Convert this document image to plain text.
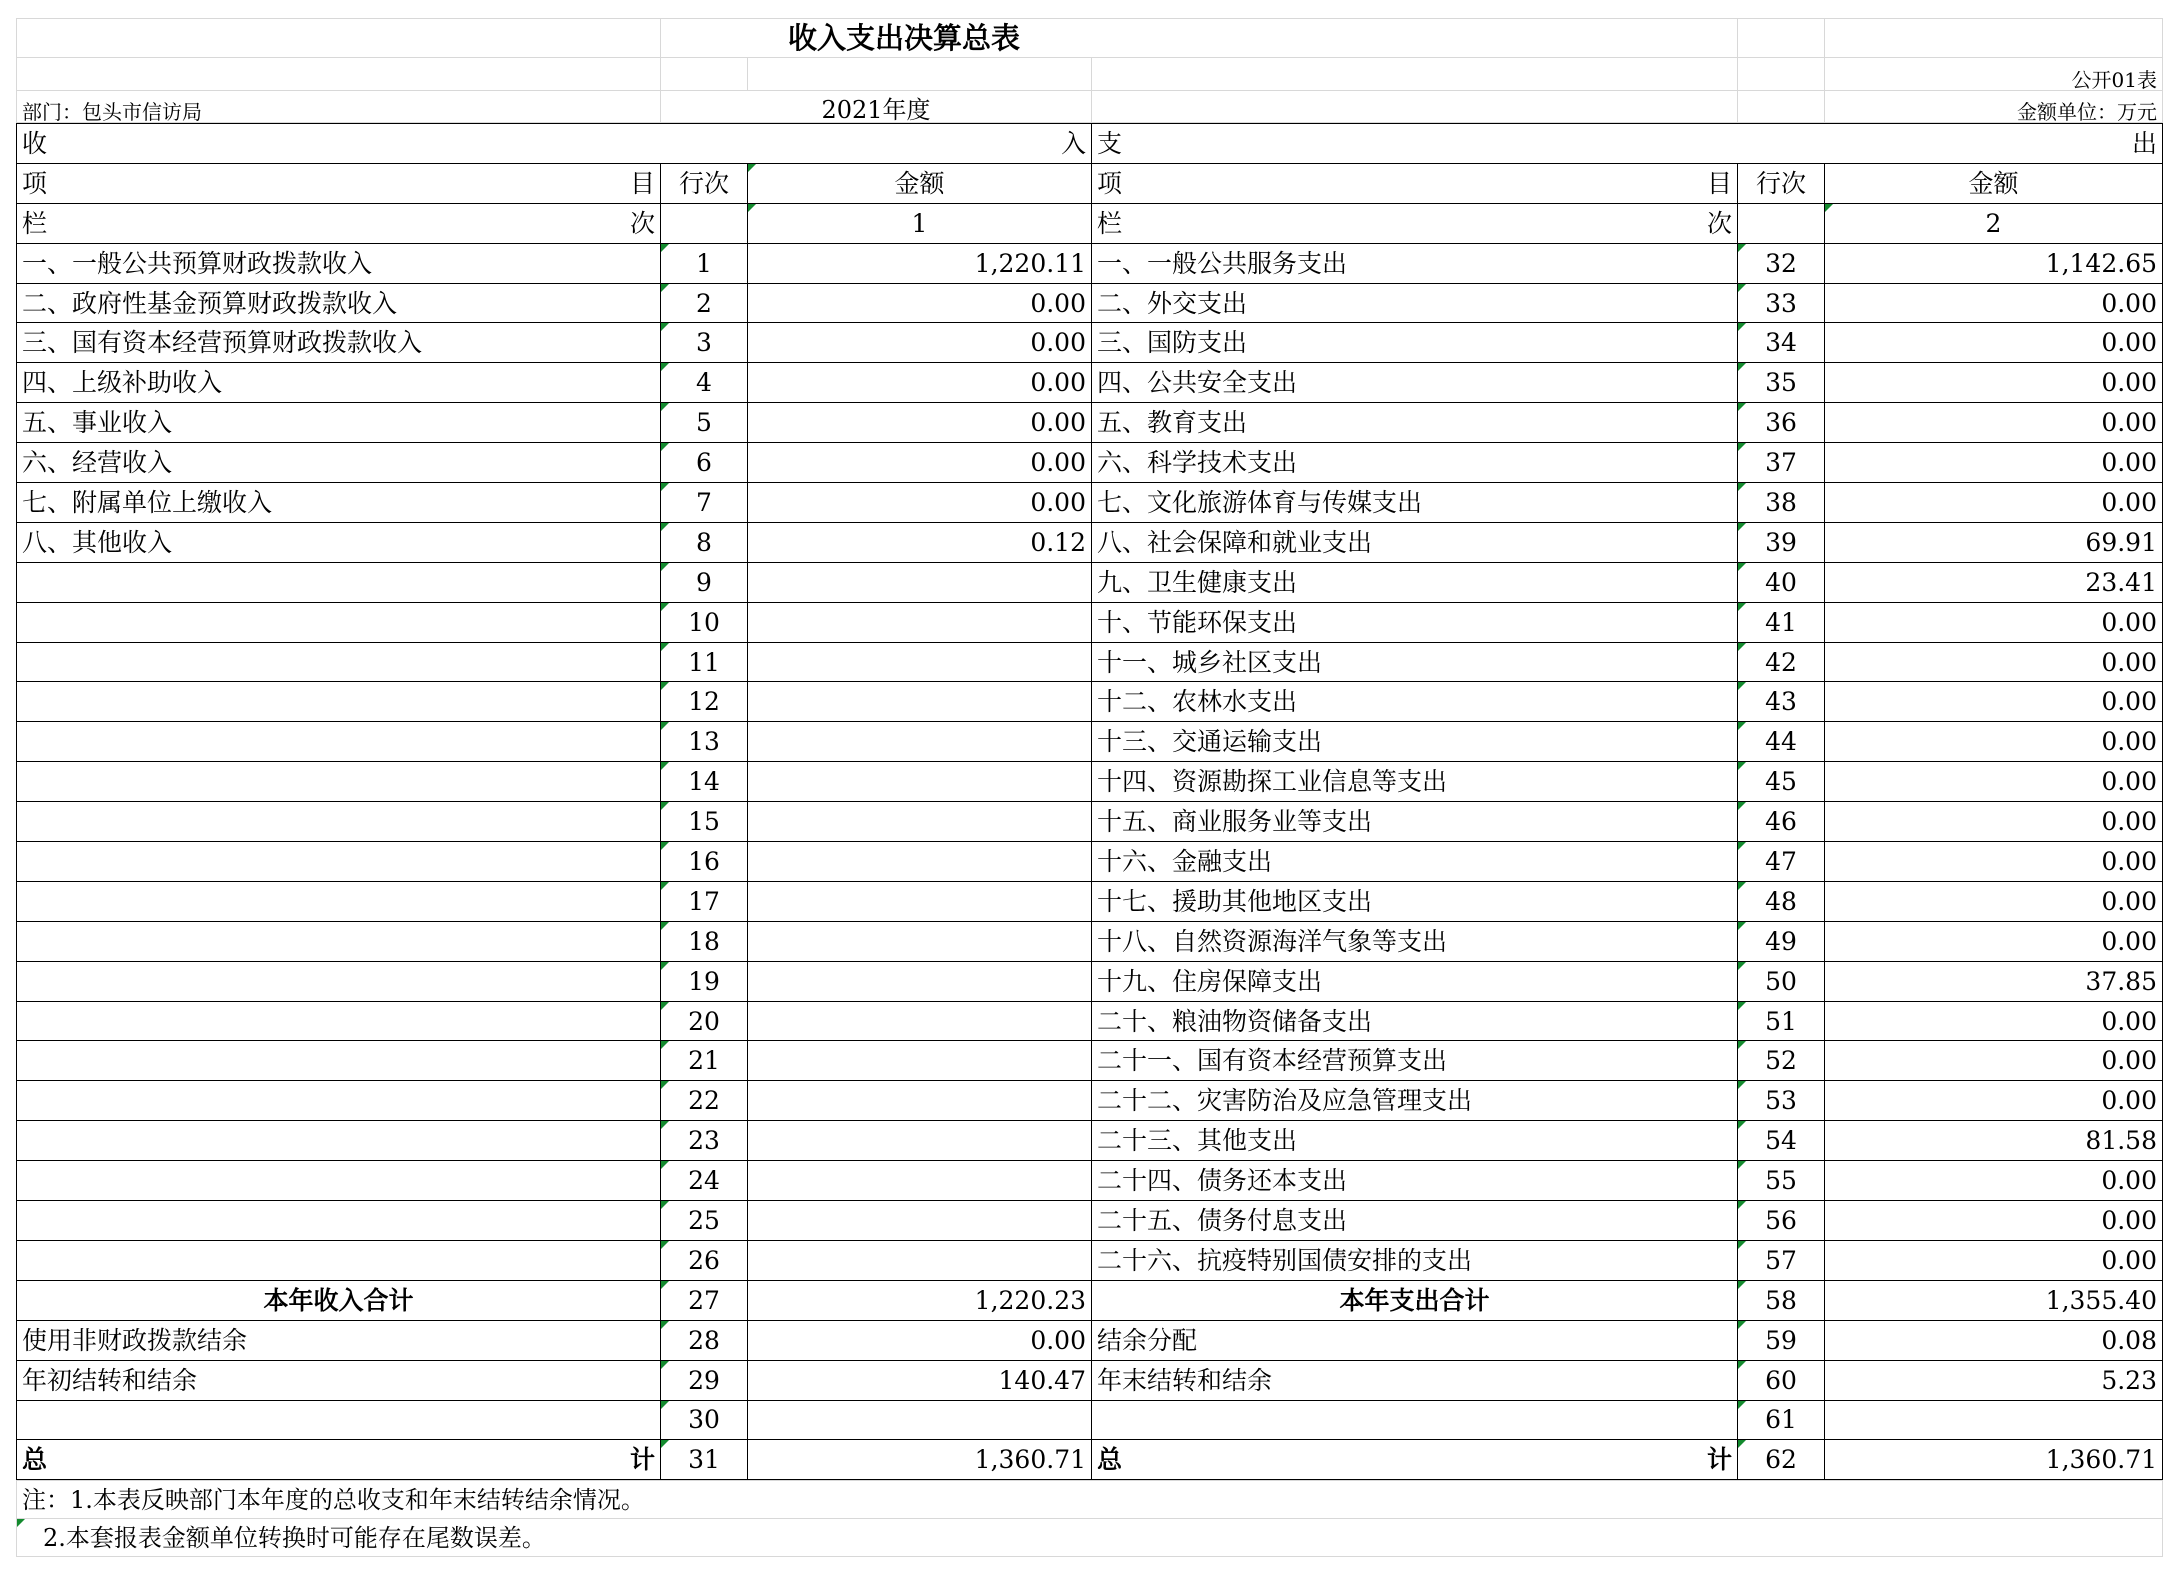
	收入支出决算总表				
					公开01表
部门：包头市信访局	2021年度				金额单位：万元
收 入			支 出		

项 目	行次	金额	项 目	行次	金额

栏 次		1	栏 次		2
一、一般公共预算财政拨款收入	1	1,220.11	一、一般公共服务支出	32	1,142.65
二、政府性基金预算财政拨款收入	2	0.00	二、外交支出	33	0.00
三、国有资本经营预算财政拨款收入	3	0.00	三、国防支出	34	0.00
四、上级补助收入	4	0.00	四、公共安全支出	35	0.00
五、事业收入	5	0.00	五、教育支出	36	0.00
六、经营收入	6	0.00	六、科学技术支出	37	0.00
七、附属单位上缴收入	7	0.00	七、文化旅游体育与传媒支出	38	0.00
八、其他收入	8	0.12	八、社会保障和就业支出	39	69.91
	9		九、卫生健康支出	40	23.41
	10		十、节能环保支出	41	0.00
	11		十一、城乡社区支出	42	0.00
	12		十二、农林水支出	43	0.00
	13		十三、交通运输支出	44	0.00
	14		十四、资源勘探工业信息等支出	45	0.00
	15		十五、商业服务业等支出	46	0.00
	16		十六、金融支出	47	0.00
	17		十七、援助其他地区支出	48	0.00
	18		十八、自然资源海洋气象等支出	49	0.00
	19		十九、住房保障支出	50	37.85
	20		二十、粮油物资储备支出	51	0.00
	21		二十一、国有资本经营预算支出	52	0.00
	22		二十二、灾害防治及应急管理支出	53	0.00
	23		二十三、其他支出	54	81.58
	24		二十四、债务还本支出	55	0.00
	25		二十五、债务付息支出	56	0.00
	26		二十六、抗疫特别国债安排的支出	57	0.00
本年收入合计	27	1,220.23	本年支出合计	58	1,355.40
使用非财政拨款结余	28	0.00	结余分配	59	0.08
年初结转和结余	29	140.47	年末结转和结余	60	5.23
	30			61	

总 计	31	1,360.71	总 计	62	1,360.71
注：1.本表反映部门本年度的总收支和年末结转结余情况。
2.本套报表金额单位转换时可能存在尾数误差。
